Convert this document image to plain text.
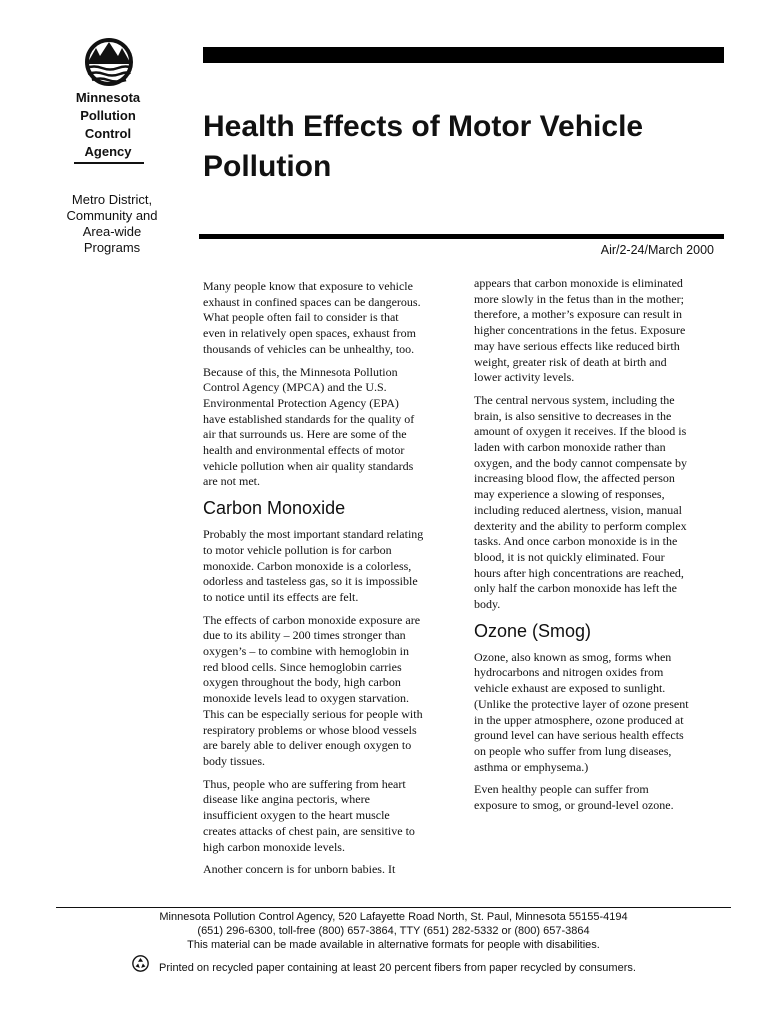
Minnesota
Pollution
Control
Agency
Metro District,
Community and
Area-wide
Programs
Health Effects of Motor Vehicle
Pollution
Air/2-24/March 2000

Many people know that exposure to vehicle
exhaust in confined spaces can be dangerous.
What people often fail to consider is that
even in relatively open spaces, exhaust from
thousands of vehicles can be unhealthy, too.

Because of this, the Minnesota Pollution
Control Agency (MPCA) and the U.S.
Environmental Protection Agency (EPA)
have established standards for the quality of
air that surrounds us. Here are some of the
health and environmental effects of motor
vehicle pollution when air quality standards
are not met.

Carbon Monoxide

Probably the most important standard relating
to motor vehicle pollution is for carbon
monoxide. Carbon monoxide is a colorless,
odorless and tasteless gas, so it is impossible
to notice until its effects are felt.

The effects of carbon monoxide exposure are
due to its ability – 200 times stronger than
oxygen’s – to combine with hemoglobin in
red blood cells. Since hemoglobin carries
oxygen throughout the body, high carbon
monoxide levels lead to oxygen starvation.
This can be especially serious for people with
respiratory problems or whose blood vessels
are barely able to deliver enough oxygen to
body tissues.

Thus, people who are suffering from heart
disease like angina pectoris, where
insufficient oxygen to the heart muscle
creates attacks of chest pain, are sensitive to
high carbon monoxide levels.

Another concern is for unborn babies. It

appears that carbon monoxide is eliminated
more slowly in the fetus than in the mother;
therefore, a mother’s exposure can result in
higher concentrations in the fetus. Exposure
may have serious effects like reduced birth
weight, greater risk of death at birth and
lower activity levels.

The central nervous system, including the
brain, is also sensitive to decreases in the
amount of oxygen it receives. If the blood is
laden with carbon monoxide rather than
oxygen, and the body cannot compensate by
increasing blood flow, the affected person
may experience a slowing of responses,
including reduced alertness, vision, manual
dexterity and the ability to perform complex
tasks. And once carbon monoxide is in the
blood, it is not quickly eliminated. Four
hours after high concentrations are reached,
only half the carbon monoxide has left the
body.

Ozone (Smog)

Ozone, also known as smog, forms when
hydrocarbons and nitrogen oxides from
vehicle exhaust are exposed to sunlight.
(Unlike the protective layer of ozone present
in the upper atmosphere, ozone produced at
ground level can have serious health effects
on people who suffer from lung diseases,
asthma or emphysema.)

Even healthy people can suffer from
exposure to smog, or ground-level ozone.

Minnesota Pollution Control Agency, 520 Lafayette Road North, St. Paul, Minnesota 55155-4194
(651) 296-6300, toll-free (800) 657-3864, TTY (651) 282-5332 or (800) 657-3864
This material can be made available in alternative formats for people with disabilities.
Printed on recycled paper containing at least 20 percent fibers from paper recycled by consumers.
